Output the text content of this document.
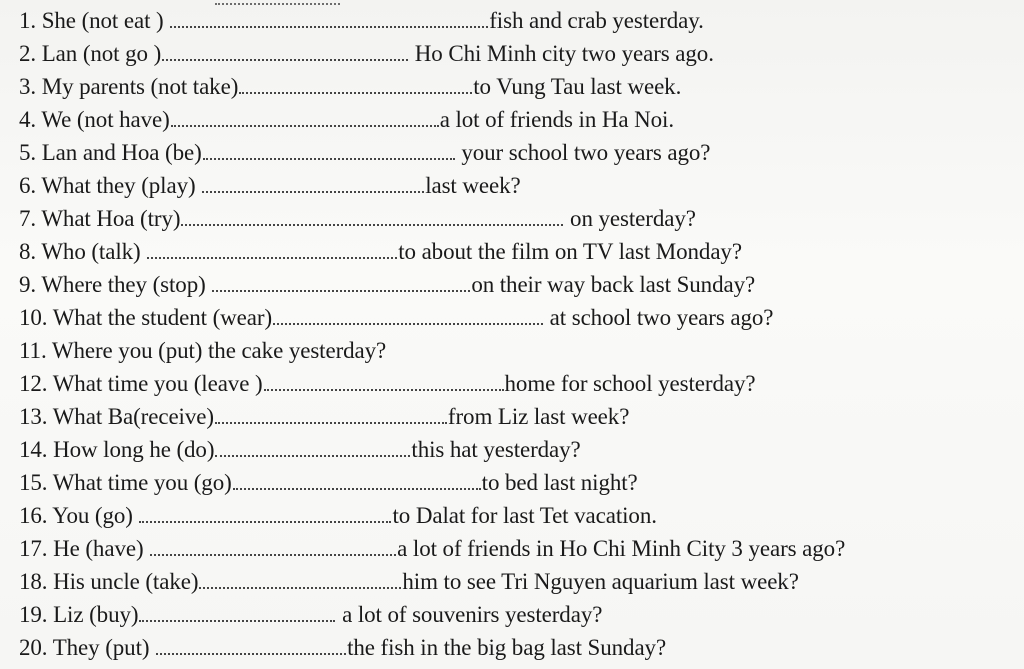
1. She (not eat )	fish and crab yesterday.
2. Lan (not go )	Ho Chi Minh city two years ago.
3. My parents (not take)	to Vung Tau last week.
4. We (not have)	a lot of friends in Ha Noi.
5. Lan and Hoa (be)	your school two years ago?
6. What they (play)	last week?
7. What Hoa (try)	on yesterday?
8. Who (talk)	to about the film on TV last Monday?
9. Where they (stop)	on their way back last Sunday?
10. What the student (wear)	at school two years ago?
11. Where you (put) the cake yesterday?
12. What time you (leave )	home for school yesterday?
13. What Ba(receive)	from Liz last week?
14. How long he (do)	this hat yesterday?
15. What time you (go)	to bed last night?
16. You (go)	to Dalat for last Tet vacation.
17. He (have)	a lot of friends in Ho Chi Minh City 3 years ago?
18. His uncle (take)	him to see Tri Nguyen aquarium last week?
19. Liz (buy)	a lot of souvenirs yesterday?
20. They (put)	the fish in the big bag last Sunday?
